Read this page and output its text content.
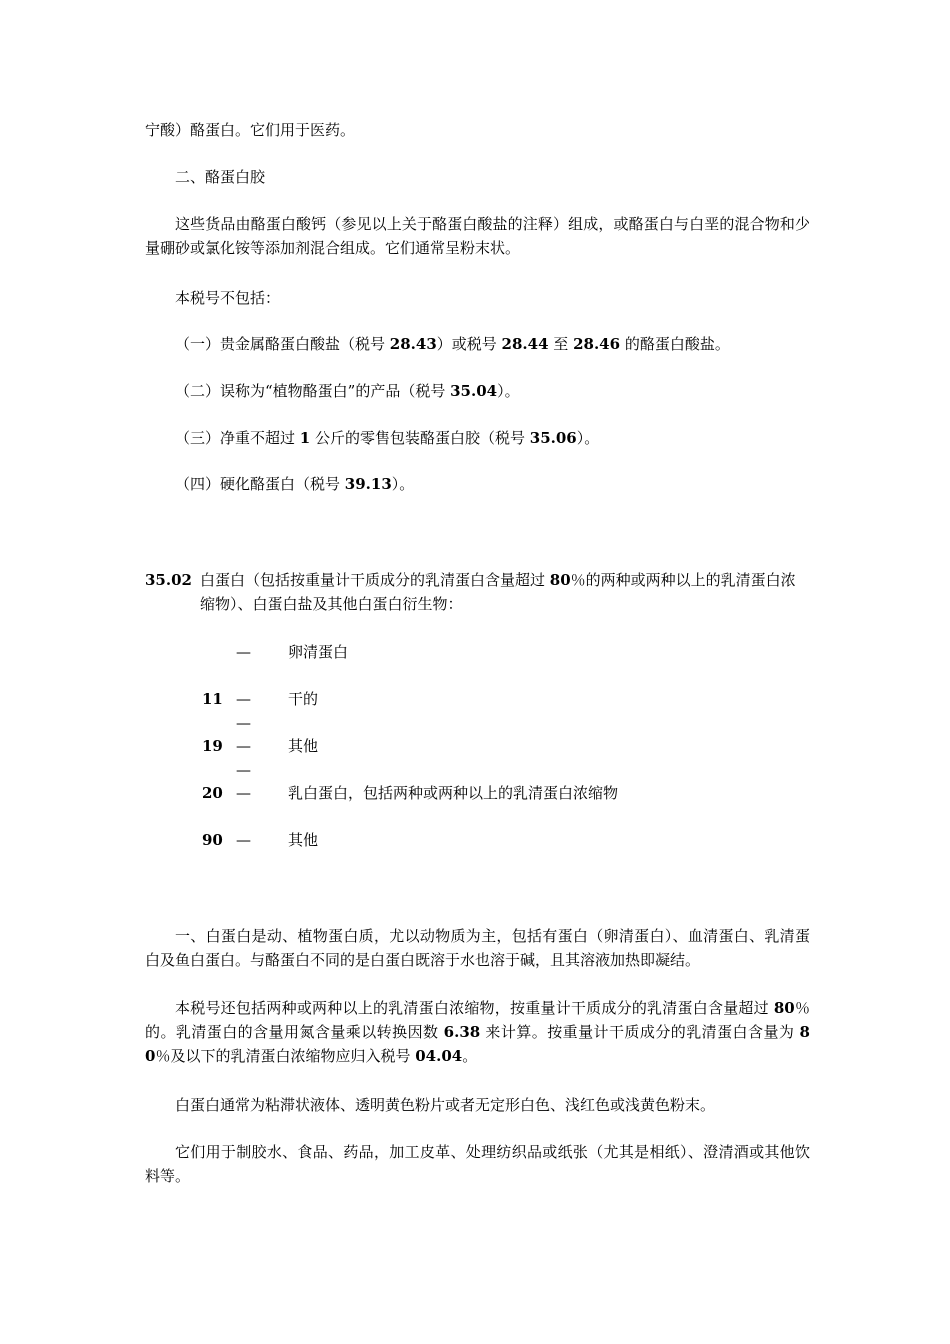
宁酸）酪蛋白。它们用于医药。
二、酪蛋白胶
这些货品由酪蛋白酸钙（参见以上关于酪蛋白酸盐的注释）组成，或酪蛋白与白垩的混合物和少量硼砂或氯化铵等添加剂混合组成。它们通常呈粉末状。
本税号不包括：
（一）贵金属酪蛋白酸盐（税号 28.43）或税号 28.44 至 28.46 的酪蛋白酸盐。
（二）误称为“植物酪蛋白”的产品（税号 35.04）。
（三）净重不超过 1 公斤的零售包装酪蛋白胶（税号 35.06）。
（四）硬化酪蛋白（税号 39.13）。
35.02 白蛋白（包括按重量计干质成分的乳清蛋白含量超过 80％的两种或两种以上的乳清蛋白浓缩物）、白蛋白盐及其他白蛋白衍生物：
— 卵清蛋白
11 — —
干的
19 — —
其他
20 — 乳白蛋白，包括两种或两种以上的乳清蛋白浓缩物
90 — 其他
一、白蛋白是动、植物蛋白质，尤以动物质为主，包括有蛋白（卵清蛋白）、血清蛋白、乳清蛋白及鱼白蛋白。与酪蛋白不同的是白蛋白既溶于水也溶于碱，且其溶液加热即凝结。
本税号还包括两种或两种以上的乳清蛋白浓缩物，按重量计干质成分的乳清蛋白含量超过 80％的。乳清蛋白的含量用氮含量乘以转换因数 6.38 来计算。按重量计干质成分的乳清蛋白含量为 80％及以下的乳清蛋白浓缩物应归入税号 04.04。
白蛋白通常为粘滞状液体、透明黄色粉片或者无定形白色、浅红色或浅黄色粉末。
它们用于制胶水、食品、药品，加工皮革、处理纺织品或纸张（尤其是相纸）、澄清酒或其他饮料等。
